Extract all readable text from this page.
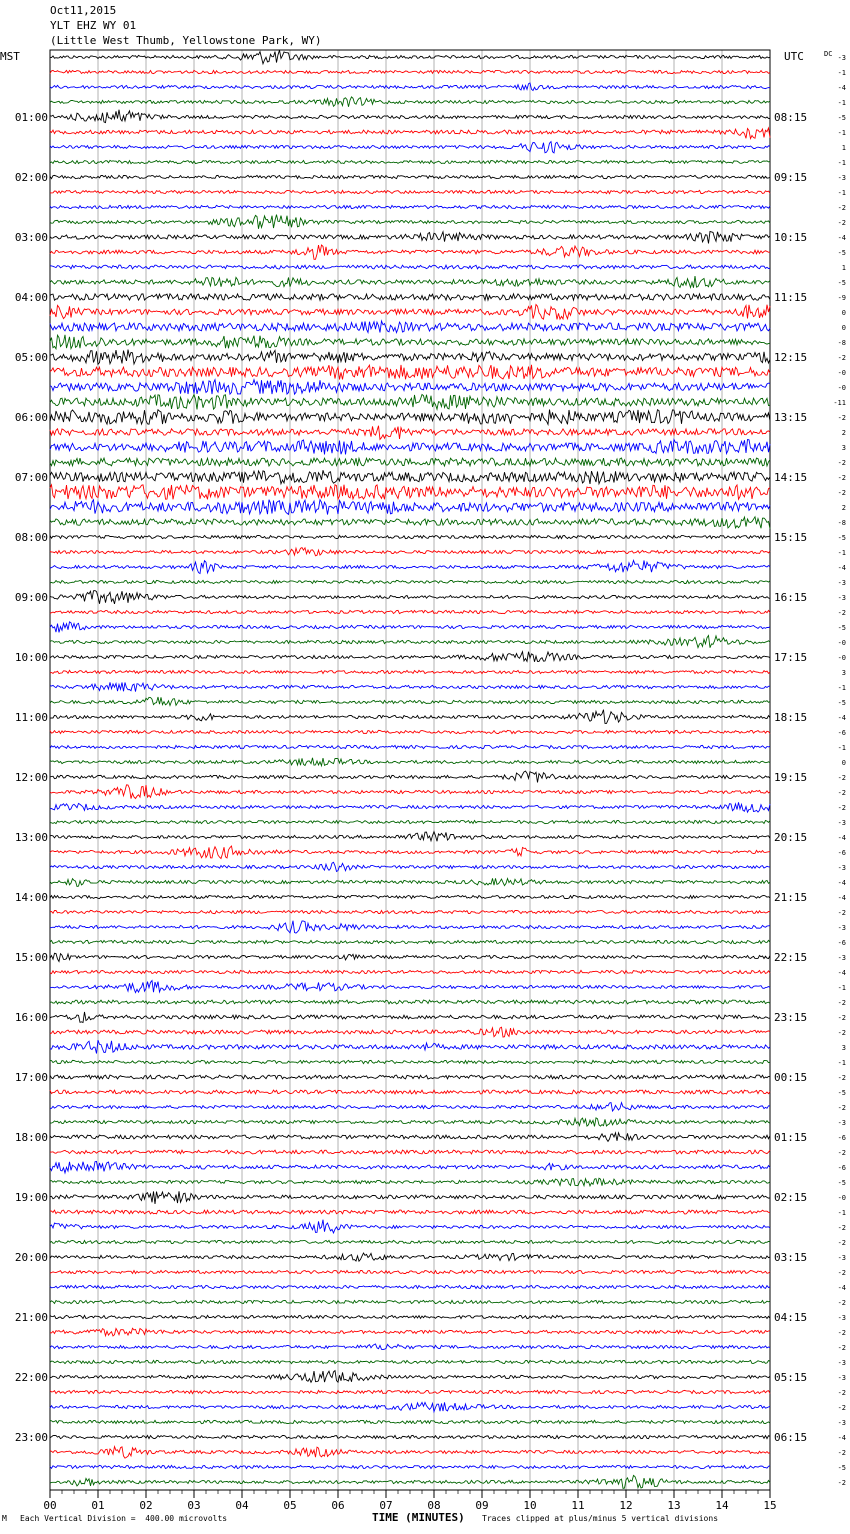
Oct11,2015
YLT EHZ WY 01
(Little West Thumb, Yellowstone Park, WY)
-3
-1
-4
-1
-5
-1
1
-1
-3
-1
-2
-2
-4
-5
1
-5
-9
0
0
-8
-2
-0
-0
-11
-2
2
3
-2
-2
-2
2
-8
-5
-1
-4
-3
-3
-2
-5
-0
-0
3
-1
-5
-4
-6
-1
0
-2
-2
-2
-3
-4
-6
-3
-4
-4
-2
-3
-6
-3
-4
-1
-2
-2
-2
3
-1
-2
-5
-2
-3
-6
-2
-6
-5
-0
-1
-2
-2
-3
-2
-4
-2
-3
-2
-2
-3
-3
-2
-2
-3
-4
-2
-5
-2
01:00	08:15
02:00	09:15
03:00	10:15
04:00	11:15
05:00	12:15
06:00	13:15
07:00	14:15
08:00	15:15
09:00	16:15
10:00	17:15
11:00	18:15
12:00	19:15
13:00	20:15
14:00	21:15
15:00	22:15
16:00	23:15
17:00	00:15
18:00	01:15
19:00	02:15
20:00	03:15
21:00	04:15
22:00	05:15
23:00	06:15
00	01	02	03	04	05	06	07	08	09	10	11	12	13	14	15
MST	UTC	DC
M Each Vertical Division =  400.00 microvolts	TIME (MINUTES) Traces clipped at plus/minus 5 vertical divisions
